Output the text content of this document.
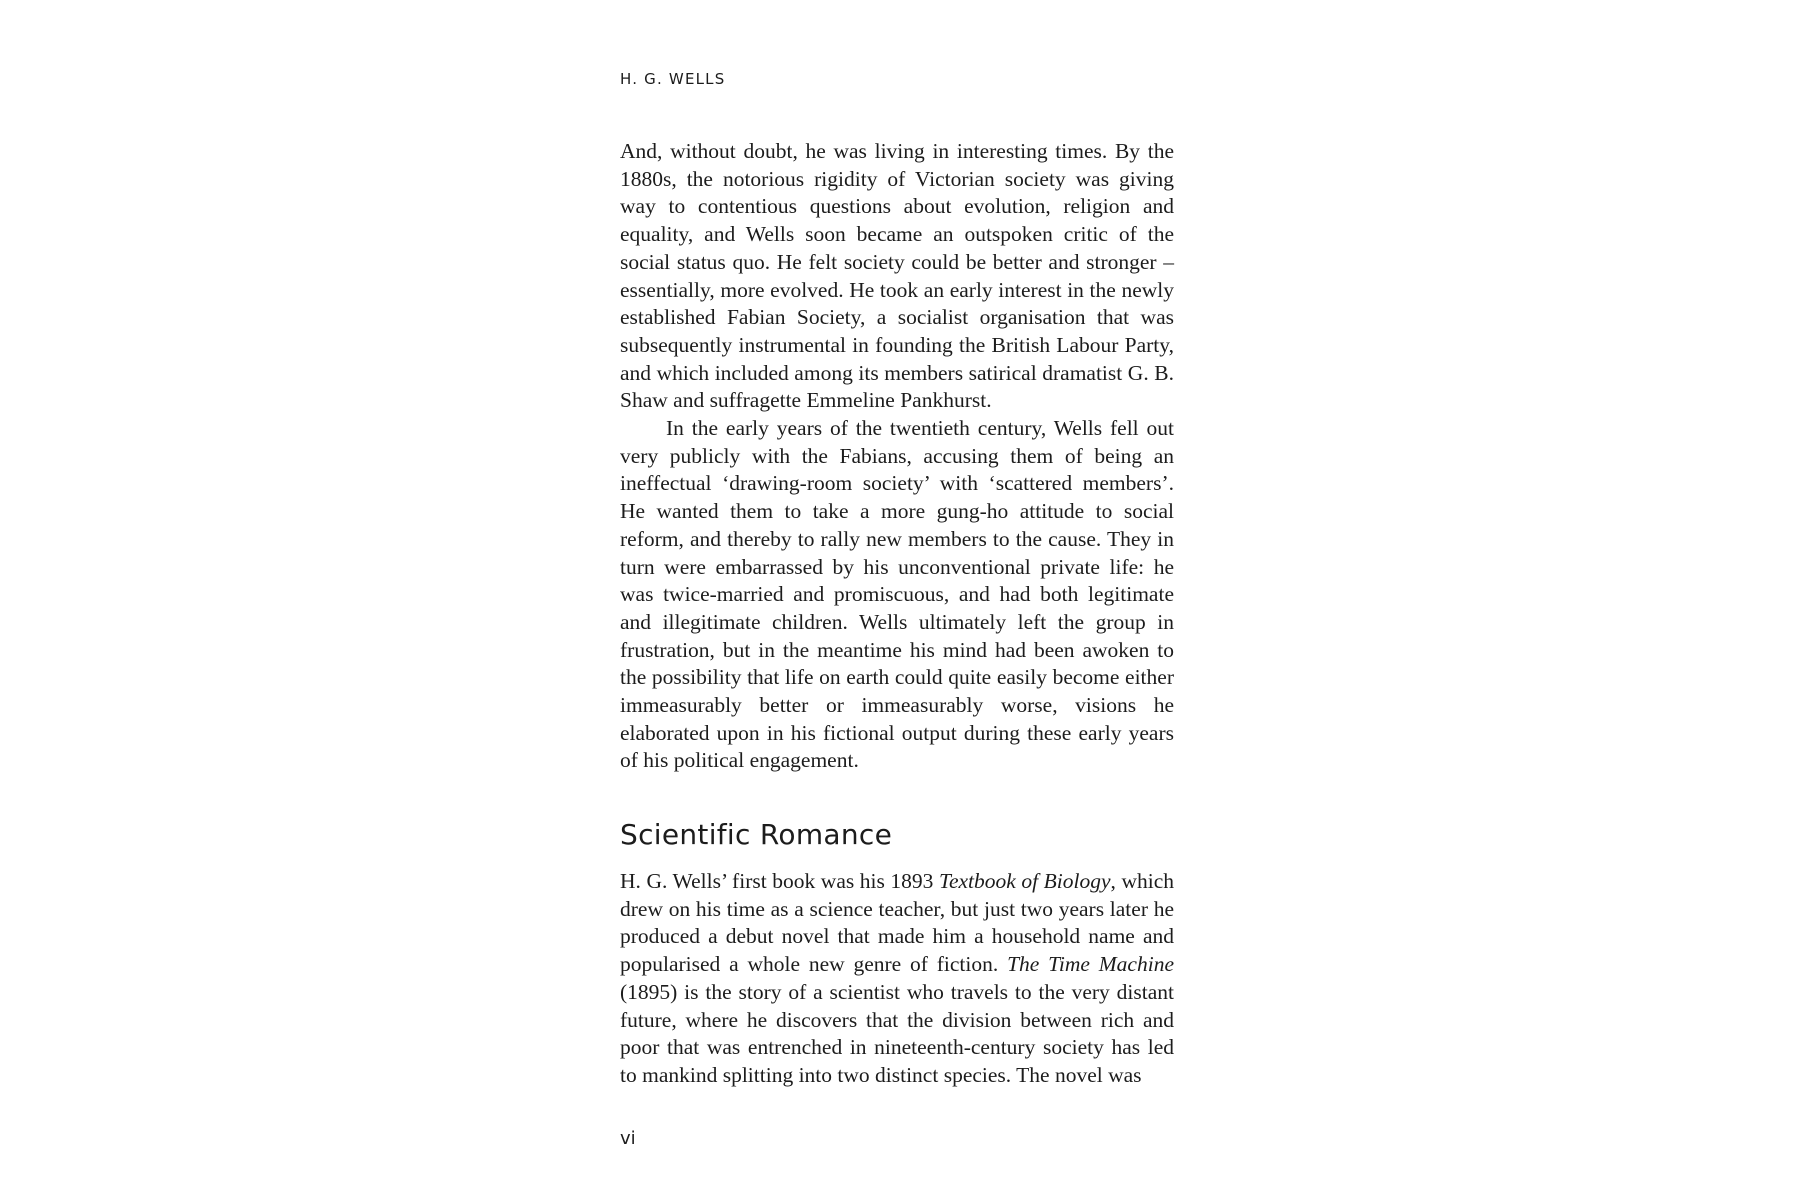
H. G. WELLS

And, without doubt, he was living in interesting times. By the 1880s, the notorious rigidity of Victorian society was giving way to contentious questions about evolution, religion and equality, and Wells soon became an outspoken critic of the social status quo. He felt society could be better and stronger – essentially, more evolved. He took an early interest in the newly established Fabian Society, a socialist organisation that was subsequently instrumental in founding the British Labour Party, and which included among its members satirical dramatist G. B. Shaw and suffragette Emmeline Pankhurst.

In the early years of the twentieth century, Wells fell out very publicly with the Fabians, accusing them of being an ineffectual ‘drawing-room society’ with ‘scattered members’. He wanted them to take a more gung-ho attitude to social reform, and thereby to rally new members to the cause. They in turn were embarrassed by his unconventional private life: he was twice-married and promiscuous, and had both legitimate and illegitimate children. Wells ultimately left the group in frustration, but in the meantime his mind had been awoken to the possibility that life on earth could quite easily become either immeasurably better or immeasurably worse, visions he elaborated upon in his fictional output during these early years of his political engagement.

Scientific Romance

H. G. Wells’ first book was his 1893 Textbook of Biology, which drew on his time as a science teacher, but just two years later he produced a debut novel that made him a household name and popularised a whole new genre of fiction. The Time Machine (1895) is the story of a scientist who travels to the very distant future, where he discovers that the division between rich and poor that was entrenched in nineteenth-century society has led to mankind splitting into two distinct species. The novel was

vi
